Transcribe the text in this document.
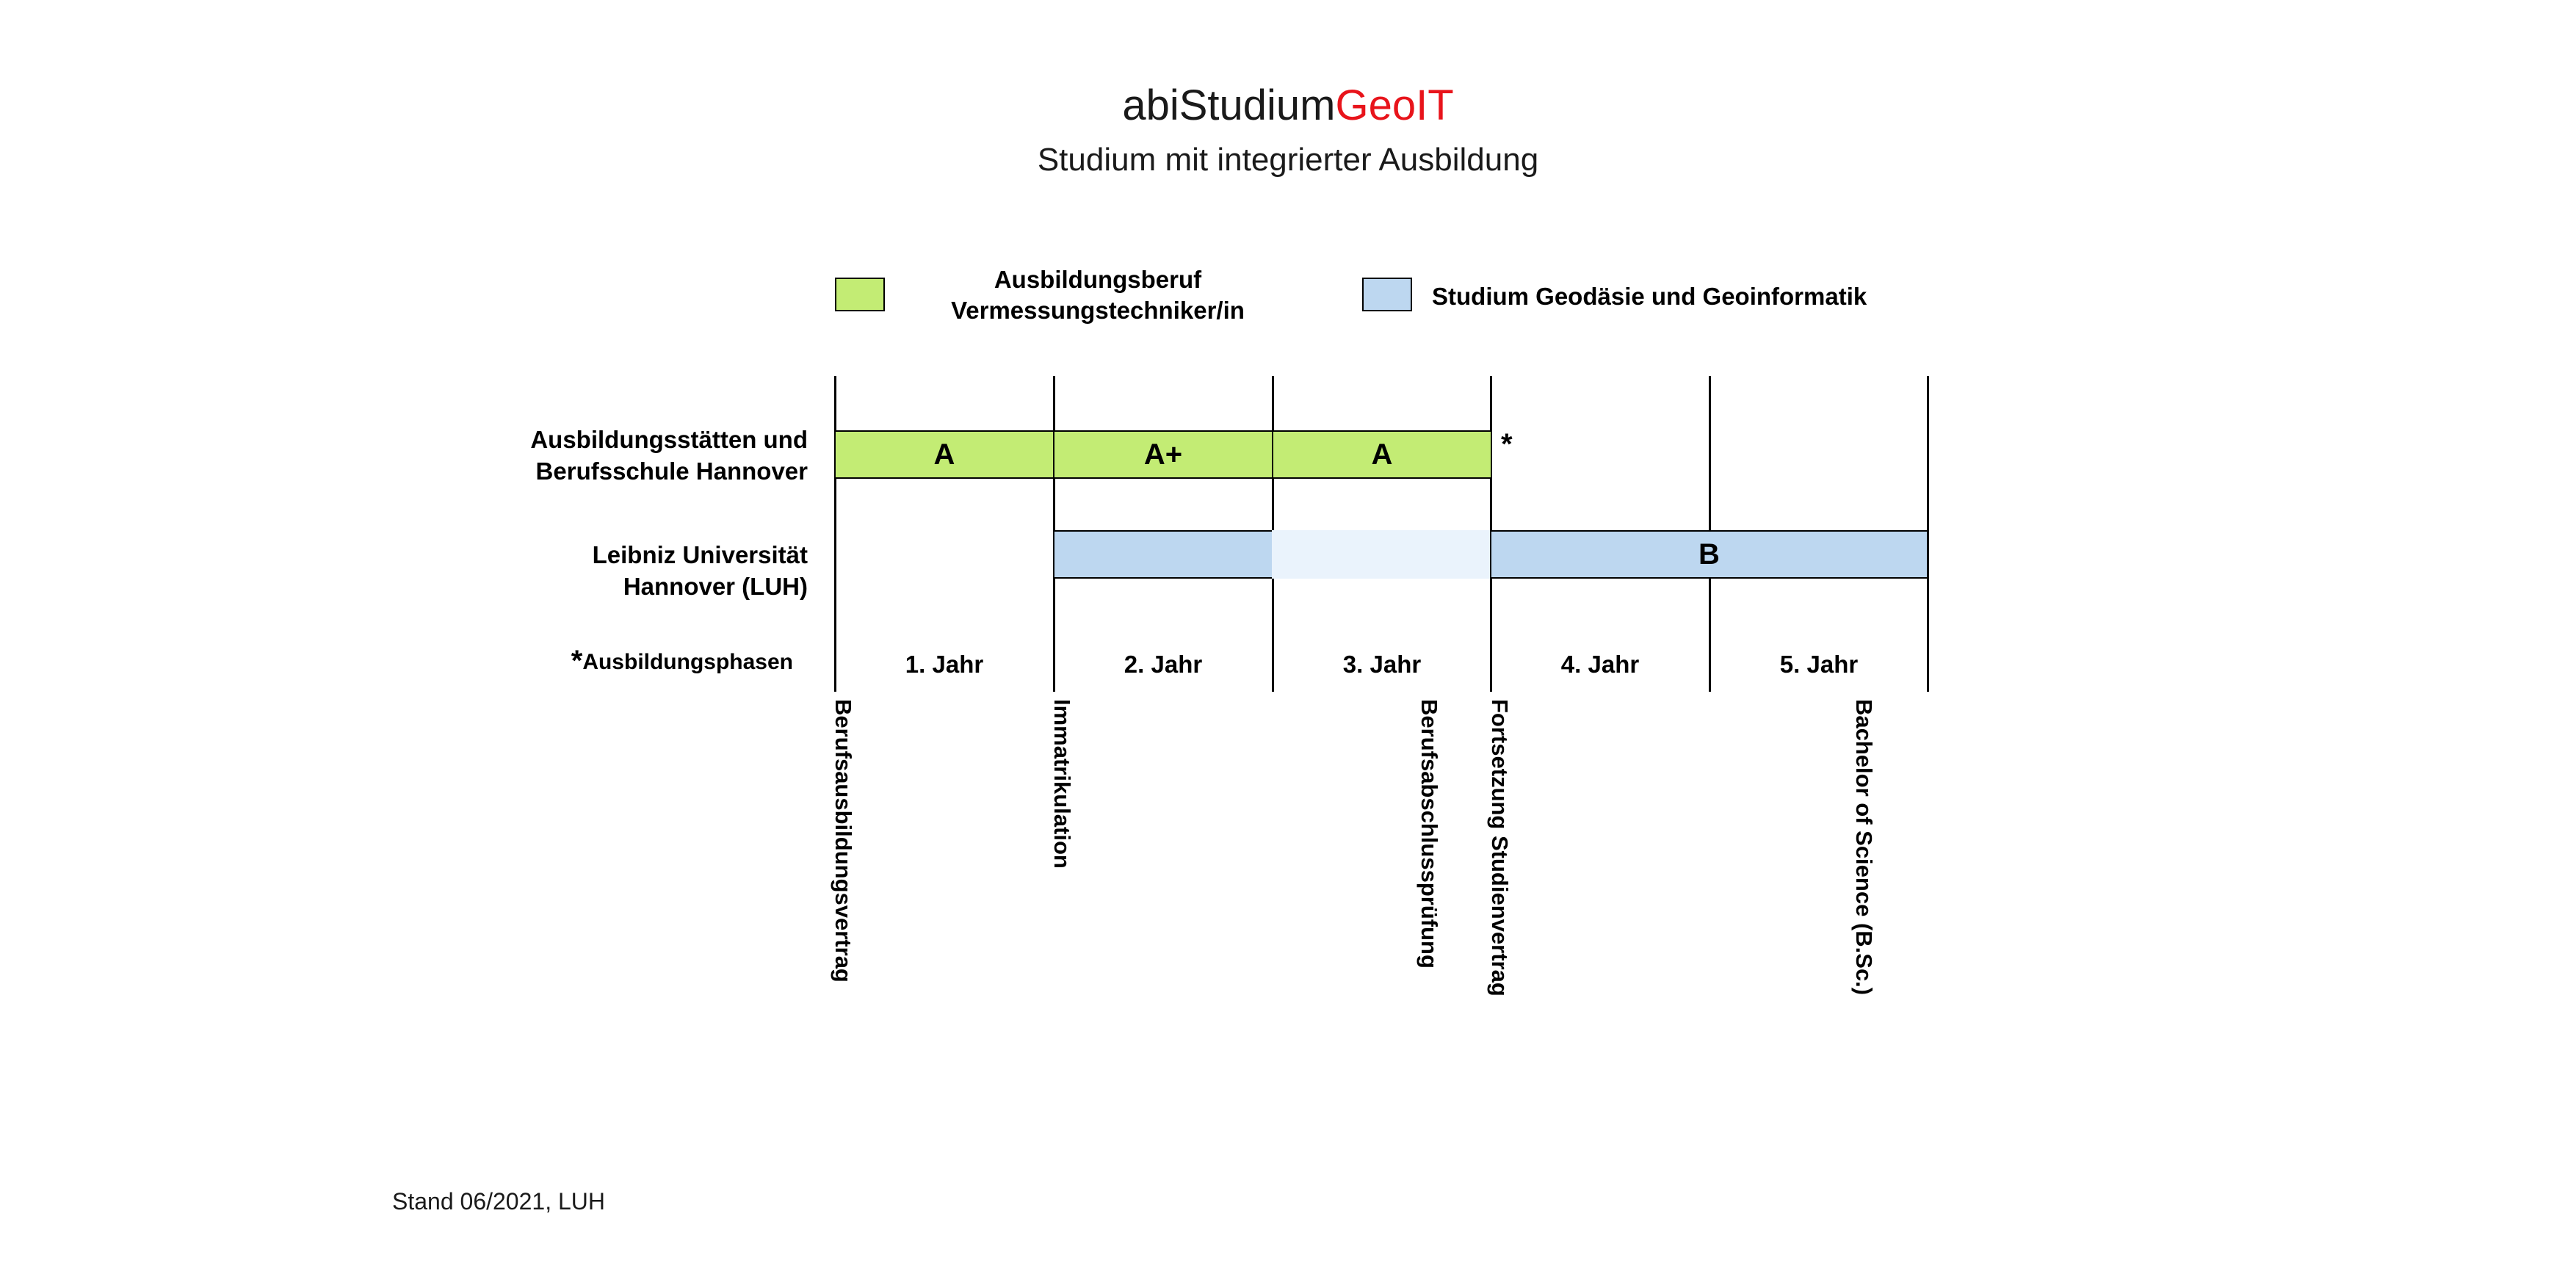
abiStudiumGeoIT
Studium mit integrierter Ausbildung
Ausbildungsberuf
Vermessungstechniker/in
Studium Geodäsie und Geoinformatik
Ausbildungsstätten und
Berufsschule Hannover
A	A+	A	*
Leibniz Universität
Hannover (LUH)
B
*Ausbildungsphasen	1. Jahr	2. Jahr	3. Jahr	4. Jahr	5. Jahr
Berufsausbildungsvertrag	Immatrikulation	Berufsabschlussprüfung Fortsetzung Studienvertrag	Bachelor of Science (B.Sc.)
Stand 06/2021, LUH
